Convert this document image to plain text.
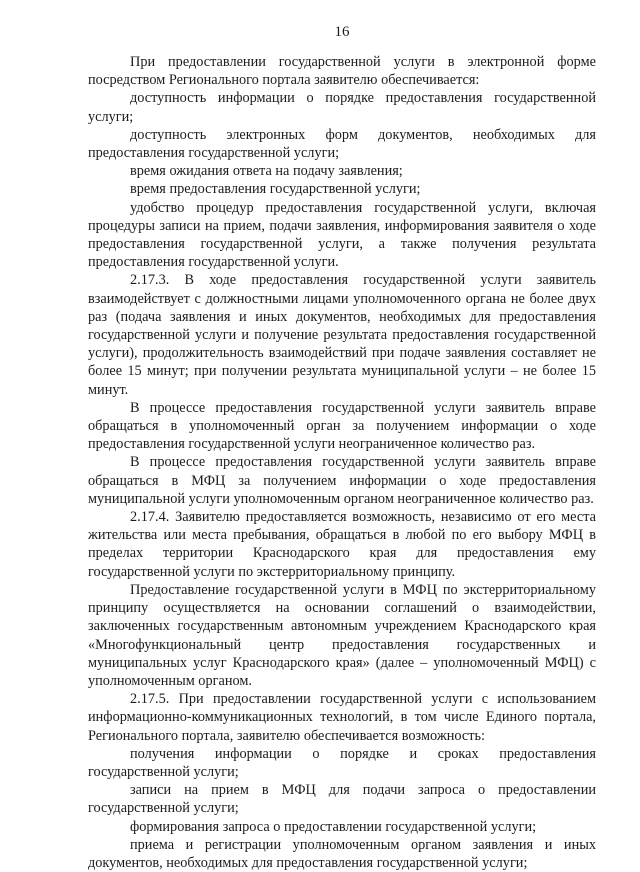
16

При предоставлении государственной услуги в электронной форме посредством Регионального портала заявителю обеспечивается:

доступность информации о порядке предоставления государственной услуги;

доступность электронных форм документов, необходимых для предоставления государственной услуги;

время ожидания ответа на подачу заявления;

время предоставления государственной услуги;

удобство процедур предоставления государственной услуги, включая процедуры записи на прием, подачи заявления, информирования заявителя о ходе предоставления государственной услуги, а также получения результата предоставления государственной услуги.

2.17.3. В ходе предоставления государственной услуги заявитель взаимодействует с должностными лицами уполномоченного органа не более двух раз (подача заявления и иных документов, необходимых для предоставления государственной услуги и получение результата предоставления государственной услуги), продолжительность взаимодействий при подаче заявления составляет не более 15 минут; при получении результата муниципальной услуги – не более 15 минут.

В процессе предоставления государственной услуги заявитель вправе обращаться в уполномоченный орган за получением информации о ходе предоставления государственной услуги неограниченное количество раз.

В процессе предоставления государственной услуги заявитель вправе обращаться в МФЦ за получением информации о ходе предоставления муниципальной услуги уполномоченным органом неограниченное количество раз.

2.17.4. Заявителю предоставляется возможность, независимо от его места жительства или места пребывания, обращаться в любой по его выбору МФЦ в пределах территории Краснодарского края для предоставления ему государственной услуги по экстерриториальному принципу.

Предоставление государственной услуги в МФЦ по экстерриториальному принципу осуществляется на основании соглашений о взаимодействии, заключенных государственным автономным учреждением Краснодарского края «Многофункциональный центр предоставления государственных и муниципальных услуг Краснодарского края» (далее – уполномоченный МФЦ) с уполномоченным органом.

2.17.5. При предоставлении государственной услуги с использованием информационно-коммуникационных технологий, в том числе Единого портала, Регионального портала, заявителю обеспечивается возможность:

получения информации о порядке и сроках предоставления государственной услуги;

записи на прием в МФЦ для подачи запроса о предоставлении государственной услуги;

формирования запроса о предоставлении государственной услуги;

приема и регистрации уполномоченным органом заявления и иных документов, необходимых для предоставления государственной услуги;
